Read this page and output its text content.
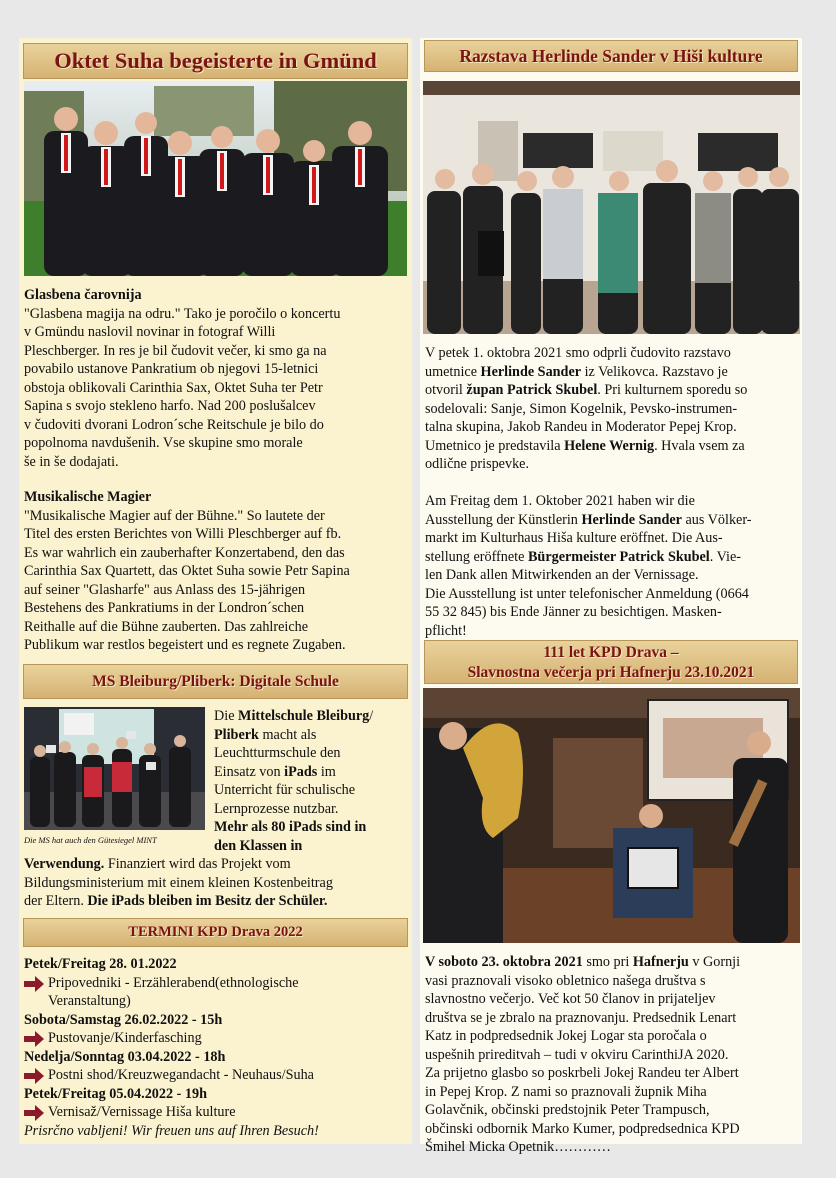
Oktet Suha begeisterte in Gmünd

Glasbena čarovnija

"Glasbena magija na odru." Tako je poročilo o koncertu

v Gmündu naslovil novinar in fotograf Willi

Pleschberger. In res je bil čudovit večer, ki smo ga na

povabilo ustanove Pankratium ob njegovi 15-letnici

obstoja oblikovali Carinthia Sax, Oktet Suha ter Petr

Sapina s svojo stekleno harfo. Nad 200 poslušalcev

v čudoviti dvorani Lodron´sche Reitschule je bilo do

popolnoma navdušenih. Vse skupine smo morale

še in še dodajati.

Musikalische Magier

"Musikalische Magier auf der Bühne." So lautete der

Titel des ersten Berichtes von Willi Pleschberger auf fb.

Es war wahrlich ein zauberhafter Konzertabend, den das

Carinthia Sax Quartett, das Oktet Suha sowie Petr Sapina

auf seiner "Glasharfe" aus Anlass des 15-jährigen

Bestehens des Pankratiums in der Londron´schen

Reithalle auf die Bühne zauberten. Das zahlreiche

Publikum war restlos begeistert und es regnete Zugaben.

MS Bleiburg/Pliberk: Digitale Schule
Die MS hat auch den Gütesiegel MINT

Die Mittelschule Bleiburg/

Pliberk macht als

Leuchtturmschule den

Einsatz von iPads im

Unterricht für schulische

Lernprozesse nutzbar.

Mehr als 80 iPads sind in

den Klassen in

Verwendung. Finanziert wird das Projekt vom

Bildungsministerium mit einem kleinen Kostenbeitrag

der Eltern. Die iPads bleiben im Besitz der Schüler.

TERMINI KPD Drava 2022

Petek/Freitag 28. 01.2022

Pripovedniki - Erzählerabend(ethnologische

Veranstaltung)

Sobota/Samstag 26.02.2022 - 15h

Pustovanje/Kinderfasching

Nedelja/Sonntag 03.04.2022 - 18h

Postni shod/Kreuzwegandacht - Neuhaus/Suha

Petek/Freitag 05.04.2022 - 19h

Vernisaž/Vernissage Hiša kulture

Prisrčno vabljeni! Wir freuen uns auf Ihren Besuch!

Razstava Herlinde Sander v Hiši kulture

V petek 1. oktobra 2021 smo odprli čudovito razstavo

umetnice Herlinde Sander iz Velikovca. Razstavo je

otvoril župan Patrick Skubel. Pri kulturnem sporedu so

sodelovali: Sanje, Simon Kogelnik, Pevsko-instrumen-

talna skupina, Jakob Randeu in Moderator Pepej Krop.

Umetnico je predstavila Helene Wernig. Hvala vsem za

odlične prispevke.

Am Freitag dem 1. Oktober 2021 haben wir die

Ausstellung der Künstlerin Herlinde Sander aus Völker-

markt im Kulturhaus Hiša kulture eröffnet. Die Aus-

stellung eröffnete Bürgermeister Patrick Skubel. Vie-

len Dank allen Mitwirkenden an der Vernissage.

Die Ausstellung ist unter telefonischer Anmeldung (0664

55 32 845) bis Ende Jänner zu besichtigen. Masken-

pflicht!

111 let KPD Drava –
Slavnostna večerja pri Hafnerju 23.10.2021

V soboto 23. oktobra 2021 smo pri Hafnerju v Gornji

vasi praznovali visoko obletnico našega društva s

slavnostno večerjo. Več kot 50 članov in prijateljev

društva se je zbralo na praznovanju. Predsednik Lenart

Katz in podpredsednik Jokej Logar sta poročala o

uspešnih prireditvah – tudi v okviru CarinthiJA 2020.

Za prijetno glasbo so poskrbeli Jokej Randeu ter Albert

in Pepej Krop. Z nami so praznovali župnik Miha

Golavčnik, občinski predstojnik Peter Trampusch,

občinski odbornik Marko Kumer, podpredsednica KPD

Šmihel Micka Opetnik…………
